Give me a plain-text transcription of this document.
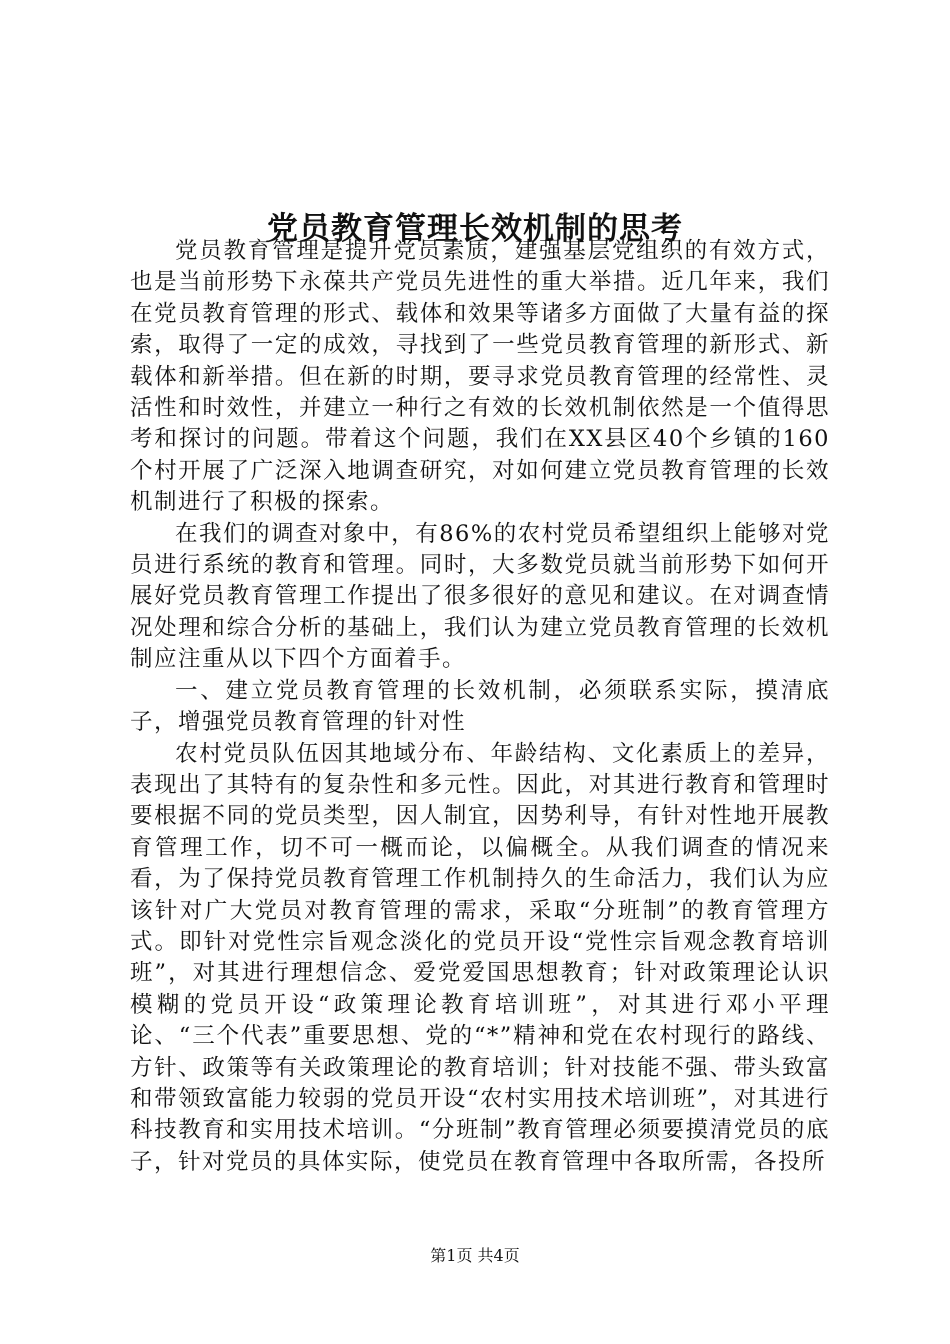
党员教育管理长效机制的思考

党员教育管理是提升党员素质，建强基层党组织的有效方式，也是当前形势下永葆共产党员先进性的重大举措。近几年来，我们在党员教育管理的形式、载体和效果等诸多方面做了大量有益的探索，取得了一定的成效，寻找到了一些党员教育管理的新形式、新载体和新举措。但在新的时期，要寻求党员教育管理的经常性、灵活性和时效性，并建立一种行之有效的长效机制依然是一个值得思考和探讨的问题。带着这个问题，我们在XX县区40个乡镇的160个村开展了广泛深入地调查研究，对如何建立党员教育管理的长效机制进行了积极的探索。

在我们的调查对象中，有86%的农村党员希望组织上能够对党员进行系统的教育和管理。同时，大多数党员就当前形势下如何开展好党员教育管理工作提出了很多很好的意见和建议。在对调查情况处理和综合分析的基础上，我们认为建立党员教育管理的长效机制应注重从以下四个方面着手。

一、建立党员教育管理的长效机制，必须联系实际，摸清底子，增强党员教育管理的针对性

农村党员队伍因其地域分布、年龄结构、文化素质上的差异，表现出了其特有的复杂性和多元性。因此，对其进行教育和管理时要根据不同的党员类型，因人制宜，因势利导，有针对性地开展教育管理工作，切不可一概而论，以偏概全。从我们调查的情况来看，为了保持党员教育管理工作机制持久的生命活力，我们认为应该针对广大党员对教育管理的需求，采取“分班制”的教育管理方式。即针对党性宗旨观念淡化的党员开设“党性宗旨观念教育培训班”，对其进行理想信念、爱党爱国思想教育；针对政策理论认识模糊的党员开设“政策理论教育培训班”，对其进行邓小平理论、“三个代表”重要思想、党的“*”精神和党在农村现行的路线、方针、政策等有关政策理论的教育培训；针对技能不强、带头致富和带领致富能力较弱的党员开设“农村实用技术培训班”，对其进行科技教育和实用技术培训。“分班制”教育管理必须要摸清党员的底子，针对党员的具体实际，使党员在教育管理中各取所需，各投所

第1页 共4页
